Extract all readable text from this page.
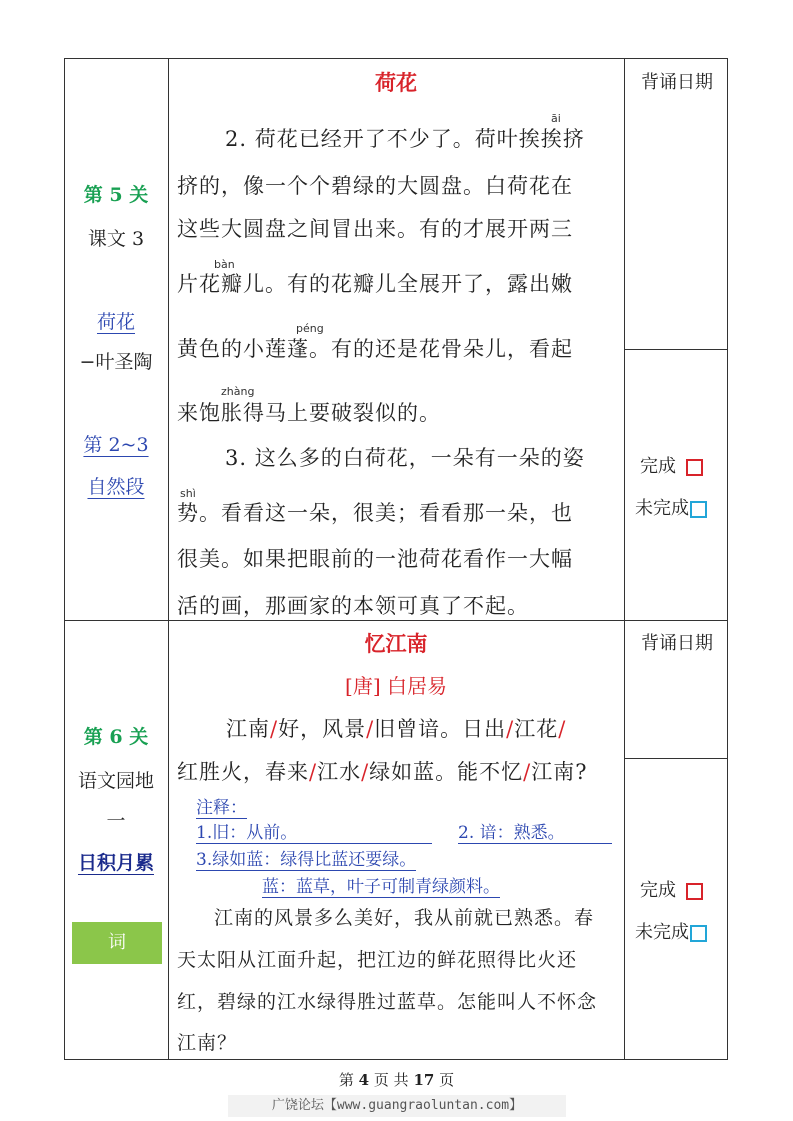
第 5 关
课文 3
荷花
−叶圣陶
第 2~3
自然段
荷花
2. 荷花已经开了不少了。荷叶挨挨挤
挤的，像一个个碧绿的大圆盘。白荷花在
这些大圆盘之间冒出来。有的才展开两三
片花瓣儿。有的花瓣儿全展开了，露出嫩
黄色的小莲蓬。有的还是花骨朵儿，看起
来饱胀得马上要破裂似的。
3. 这么多的白荷花，一朵有一朵的姿
势。看看这一朵，很美；看看那一朵，也
很美。如果把眼前的一池荷花看作一大幅
活的画，那画家的本领可真了不起。
āi
bàn
péng
zhàng
shì
背诵日期
完成
未完成
第 6 关
语文园地
一
日积月累
词
忆江南
[唐] 白居易
江南/好，风景/旧曾谙。日出/江花/
红胜火，春来/江水/绿如蓝。能不忆/江南?
注释：
1.旧：从前。	2. 谙：熟悉。
3.绿如蓝：绿得比蓝还要绿。
蓝：蓝草，叶子可制青绿颜料。
江南的风景多么美好，我从前就已熟悉。春
天太阳从江面升起，把江边的鲜花照得比火还
红，碧绿的江水绿得胜过蓝草。怎能叫人不怀念
江南？
背诵日期
完成
未完成
第 4 页 共 17 页
广饶论坛【www.guangraoluntan.com】
